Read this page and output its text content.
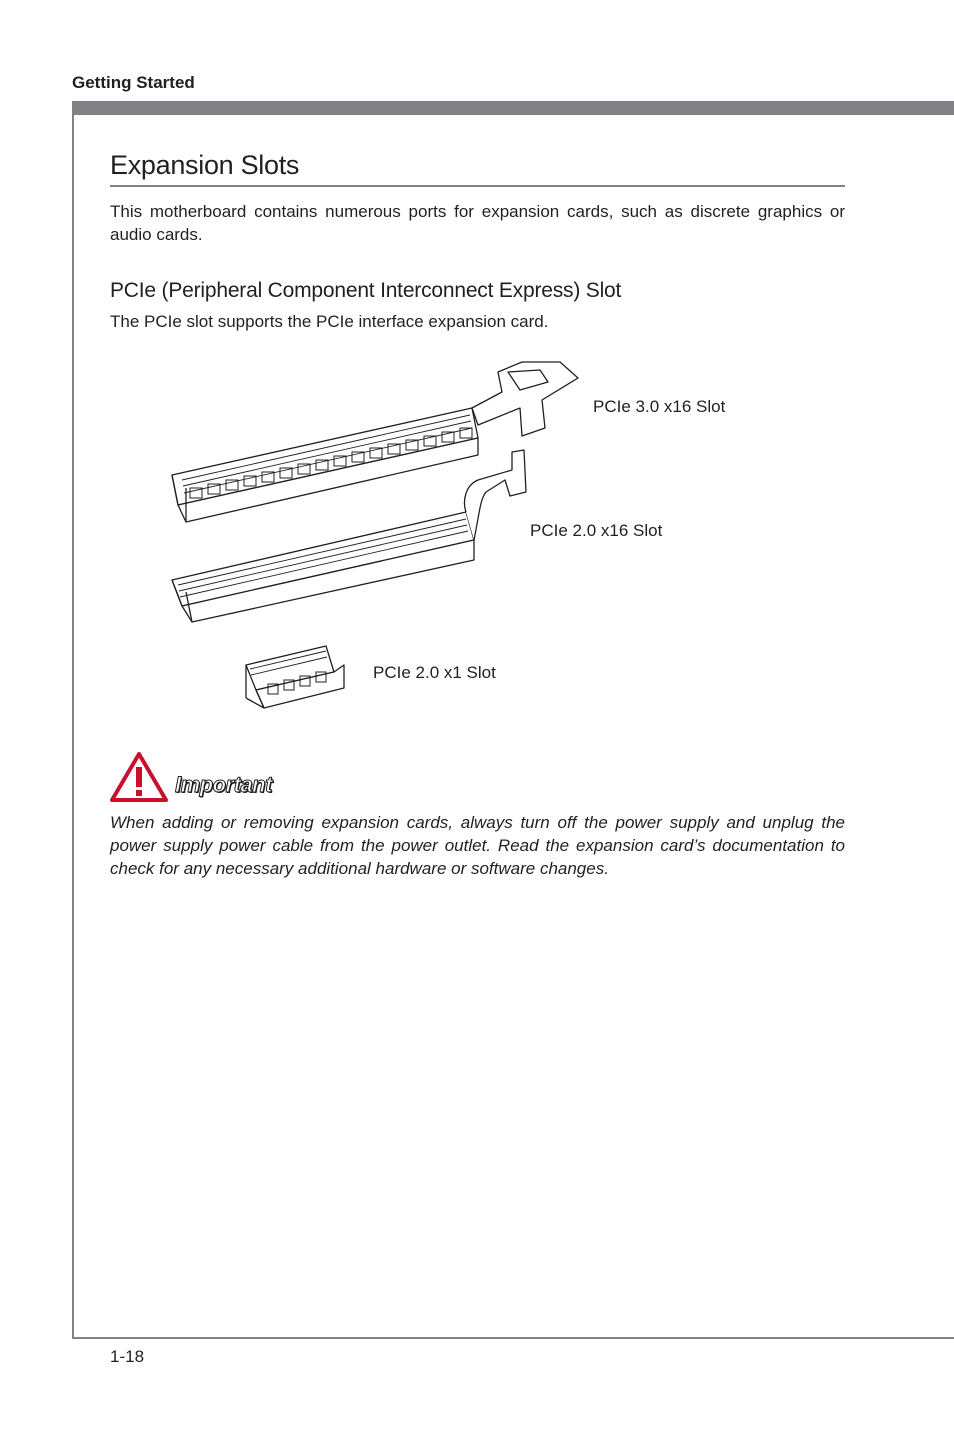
Getting Started
Expansion Slots

This motherboard contains numerous ports for expansion cards, such as discrete graphics or audio cards.

PCIe (Peripheral Component Interconnect Express) Slot

The PCIe slot supports the PCIe interface expansion card.

PCIe 3.0 x16 Slot
PCIe 2.0 x16 Slot
PCIe 2.0 x1 Slot
Important

When adding or removing expansion cards, always turn off the power supply and unplug the power supply power cable from the power outlet. Read the expansion card’s documentation to check for any necessary additional hardware or software changes.

1-18
